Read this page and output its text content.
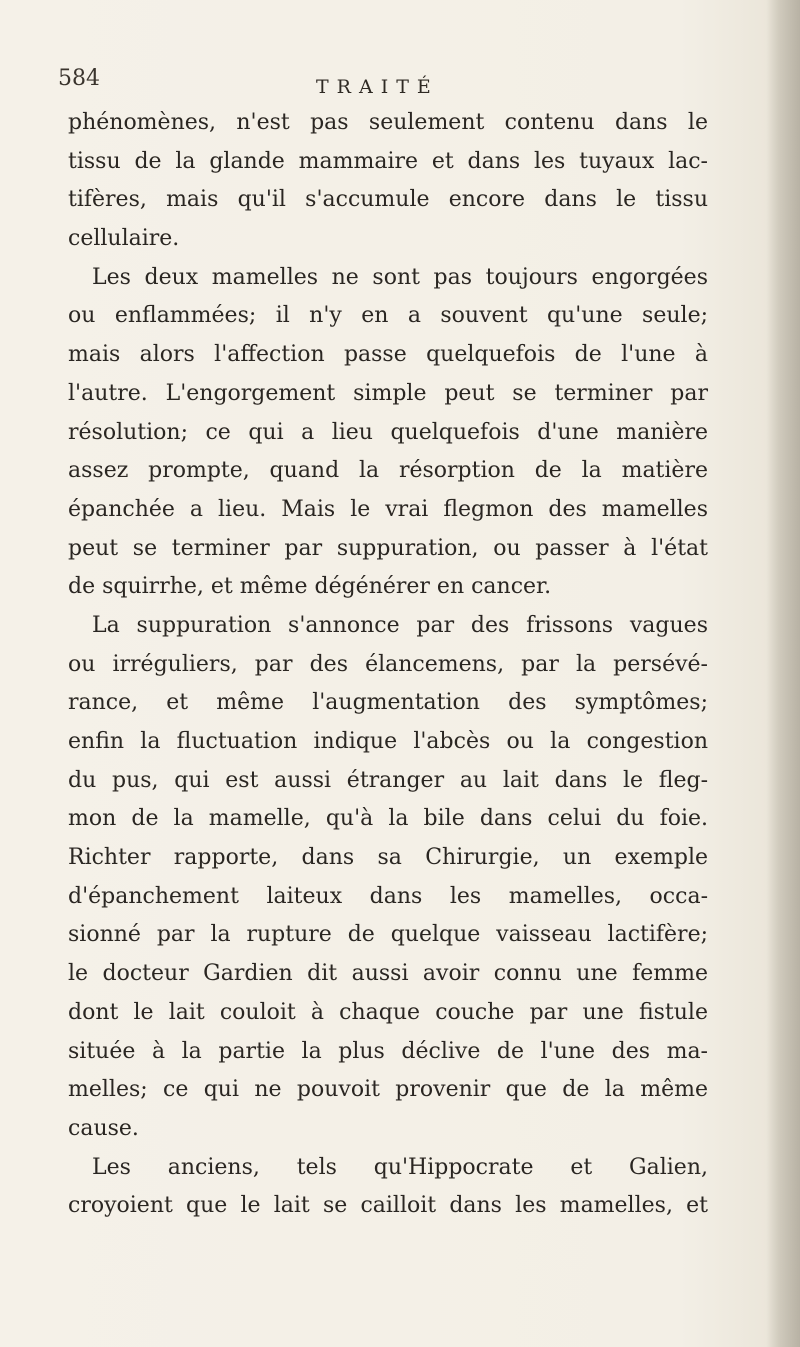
584	TRAITÉ
phénomènes, n'est pas seulement contenu dans le
tissu de la glande mammaire et dans les tuyaux lac-
tifères, mais qu'il s'accumule encore dans le tissu
cellulaire.
Les deux mamelles ne sont pas toujours engorgées
ou enflammées; il n'y en a souvent qu'une seule;
mais alors l'affection passe quelquefois de l'une à
l'autre. L'engorgement simple peut se terminer par
résolution; ce qui a lieu quelquefois d'une manière
assez prompte, quand la résorption de la matière
épanchée a lieu. Mais le vrai flegmon des mamelles
peut se terminer par suppuration, ou passer à l'état
de squirrhe, et même dégénérer en cancer.
La suppuration s'annonce par des frissons vagues
ou irréguliers, par des élancemens, par la persévé-
rance, et même l'augmentation des symptômes;
enfin la fluctuation indique l'abcès ou la congestion
du pus, qui est aussi étranger au lait dans le fleg-
mon de la mamelle, qu'à la bile dans celui du foie.
Richter rapporte, dans sa Chirurgie, un exemple
d'épanchement laiteux dans les mamelles, occa-
sionné par la rupture de quelque vaisseau lactifère;
le docteur Gardien dit aussi avoir connu une femme
dont le lait couloit à chaque couche par une fistule
située à la partie la plus déclive de l'une des ma-
melles; ce qui ne pouvoit provenir que de la même
cause.
Les anciens, tels qu'Hippocrate et Galien,
croyoient que le lait se cailloit dans les mamelles, et
